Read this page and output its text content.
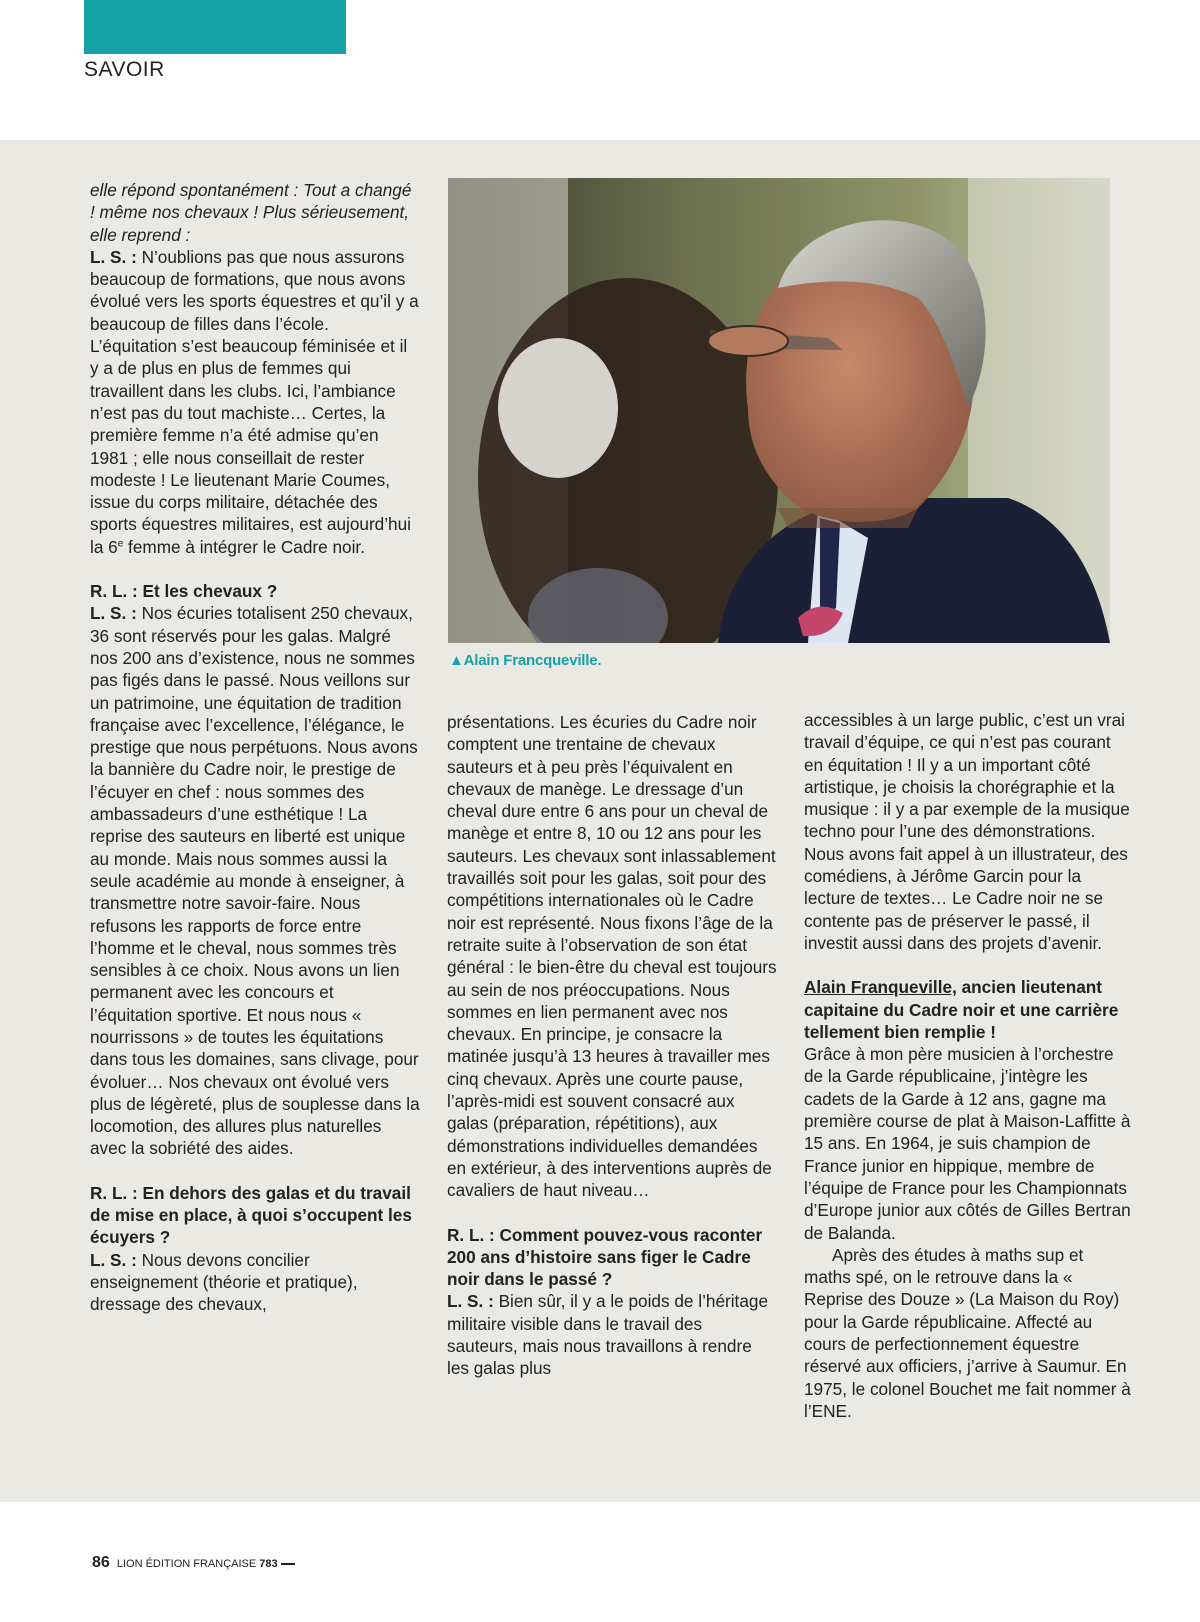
SAVOIR

elle répond spontanément : Tout a changé ! même nos chevaux ! Plus sérieusement, elle reprend :
L. S. : N’oublions pas que nous assurons beaucoup de formations, que nous avons évolué vers les sports équestres et qu’il y a beaucoup de filles dans l’école. L’équitation s’est beaucoup féminisée et il y a de plus en plus de femmes qui travaillent dans les clubs. Ici, l’ambiance n’est pas du tout machiste… Certes, la première femme n’a été admise qu’en 1981 ; elle nous conseillait de rester modeste ! Le lieutenant Marie Coumes, issue du corps militaire, détachée des sports équestres militaires, est aujourd’hui la 6e femme à intégrer le Cadre noir.

R. L. : Et les chevaux ?

L. S. : Nos écuries totalisent 250 chevaux, 36 sont réservés pour les galas. Malgré nos 200 ans d’existence, nous ne sommes pas figés dans le passé. Nous veillons sur un patrimoine, une équitation de tradition française avec l’excellence, l’élégance, le prestige que nous perpétuons. Nous avons la bannière du Cadre noir, le prestige de l’écuyer en chef : nous sommes des ambassadeurs d’une esthétique ! La reprise des sauteurs en liberté est unique au monde. Mais nous sommes aussi la seule académie au monde à enseigner, à transmettre notre savoir-faire. Nous refusons les rapports de force entre l’homme et le cheval, nous sommes très sensibles à ce choix. Nous avons un lien permanent avec les concours et l’équitation sportive. Et nous nous « nourrissons » de toutes les équitations dans tous les domaines, sans clivage, pour évoluer… Nos chevaux ont évolué vers plus de légèreté, plus de souplesse dans la locomotion, des allures plus naturelles avec la sobriété des aides.

R. L. : En dehors des galas et du travail de mise en place, à quoi s’occupent les écuyers ?

L. S. : Nous devons concilier enseignement (théorie et pratique), dressage des chevaux,

▲Alain Francqueville.

présentations. Les écuries du Cadre noir comptent une trentaine de chevaux sauteurs et à peu près l’équivalent en chevaux de manège. Le dressage d’un cheval dure entre 6 ans pour un cheval de manège et entre 8, 10 ou 12 ans pour les sauteurs. Les chevaux sont inlassablement travaillés soit pour les galas, soit pour des compétitions internationales où le Cadre noir est représenté. Nous fixons l’âge de la retraite suite à l’observation de son état général : le bien-être du cheval est toujours au sein de nos préoccupations. Nous sommes en lien permanent avec nos chevaux. En principe, je consacre la matinée jusqu’à 13 heures à travailler mes cinq chevaux. Après une courte pause, l’après-midi est souvent consacré aux galas (préparation, répétitions), aux démonstrations individuelles demandées en extérieur, à des interventions auprès de cavaliers de haut niveau…

R. L. : Comment pouvez-vous raconter 200 ans d’histoire sans figer le Cadre noir dans le passé ?

L. S. : Bien sûr, il y a le poids de l’héritage militaire visible dans le travail des sauteurs, mais nous travaillons à rendre les galas plus

accessibles à un large public, c’est un vrai travail d’équipe, ce qui n’est pas courant en équitation ! Il y a un important côté artistique, je choisis la chorégraphie et la musique : il y a par exemple de la musique techno pour l’une des démonstrations. Nous avons fait appel à un illustrateur, des comédiens, à Jérôme Garcin pour la lecture de textes… Le Cadre noir ne se contente pas de préserver le passé, il investit aussi dans des projets d’avenir.

Alain Franqueville, ancien lieutenant capitaine du Cadre noir et une carrière tellement bien remplie !

Grâce à mon père musicien à l’orchestre de la Garde républicaine, j’intègre les cadets de la Garde à 12 ans, gagne ma première course de plat à Maison-Laffitte à 15 ans. En 1964, je suis champion de France junior en hippique, membre de l’équipe de France pour les Championnats d’Europe junior aux côtés de Gilles Bertran de Balanda.

Après des études à maths sup et maths spé, on le retrouve dans la « Reprise des Douze » (La Maison du Roy) pour la Garde républicaine. Affecté au cours de perfectionnement équestre réservé aux officiers, j’arrive à Saumur. En 1975, le colonel Bouchet me fait nommer à l’ENE.

86 LION ÉDITION FRANÇAISE 783
